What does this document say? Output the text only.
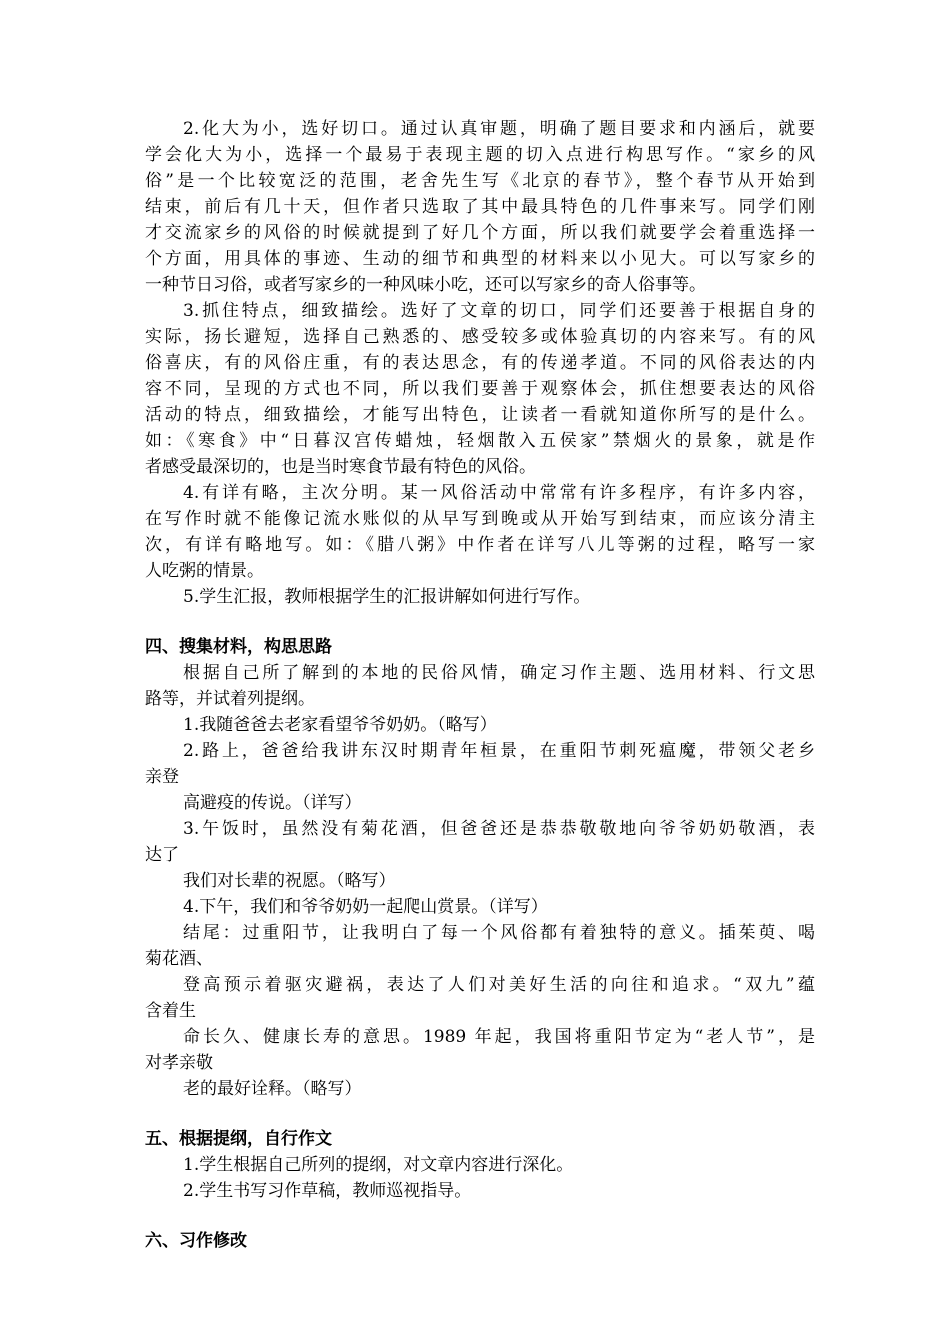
2.化大为小，选好切口。通过认真审题，明确了题目要求和内涵后，就要
学会化大为小，选择一个最易于表现主题的切入点进行构思写作。“家乡的风
俗”是一个比较宽泛的范围，老舍先生写《北京的春节》，整个春节从开始到
结束，前后有几十天，但作者只选取了其中最具特色的几件事来写。同学们刚
才交流家乡的风俗的时候就提到了好几个方面，所以我们就要学会着重选择一
个方面，用具体的事迹、生动的细节和典型的材料来以小见大。可以写家乡的
一种节日习俗，或者写家乡的一种风味小吃，还可以写家乡的奇人俗事等。
3.抓住特点，细致描绘。选好了文章的切口，同学们还要善于根据自身的
实际，扬长避短，选择自己熟悉的、感受较多或体验真切的内容来写。有的风
俗喜庆，有的风俗庄重，有的表达思念，有的传递孝道。不同的风俗表达的内
容不同，呈现的方式也不同，所以我们要善于观察体会，抓住想要表达的风俗
活动的特点，细致描绘，才能写出特色，让读者一看就知道你所写的是什么。
如：《寒食》中“日暮汉宫传蜡烛，轻烟散入五侯家”禁烟火的景象，就是作
者感受最深切的，也是当时寒食节最有特色的风俗。
4.有详有略，主次分明。某一风俗活动中常常有许多程序，有许多内容，
在写作时就不能像记流水账似的从早写到晚或从开始写到结束，而应该分清主
次，有详有略地写。如：《腊八粥》中作者在详写八儿等粥的过程，略写一家
人吃粥的情景。
5.学生汇报，教师根据学生的汇报讲解如何进行写作。
四、搜集材料，构思思路
根据自己所了解到的本地的民俗风情，确定习作主题、选用材料、行文思
路等，并试着列提纲。
1.我随爸爸去老家看望爷爷奶奶。（略写）
2.路上，爸爸给我讲东汉时期青年桓景，在重阳节刺死瘟魔，带领父老乡
亲登
高避疫的传说。（详写）
3.午饭时，虽然没有菊花酒，但爸爸还是恭恭敬敬地向爷爷奶奶敬酒，表
达了
我们对长辈的祝愿。（略写）
4.下午，我们和爷爷奶奶一起爬山赏景。（详写）
结尾：过重阳节，让我明白了每一个风俗都有着独特的意义。插茱萸、喝
菊花酒、
登高预示着驱灾避祸，表达了人们对美好生活的向往和追求。“双九”蕴
含着生
命长久、健康长寿的意思。1989 年起，我国将重阳节定为“老人节”，是
对孝亲敬
老的最好诠释。（略写）
五、根据提纲，自行作文
1.学生根据自己所列的提纲，对文章内容进行深化。
2.学生书写习作草稿，教师巡视指导。
六、习作修改
